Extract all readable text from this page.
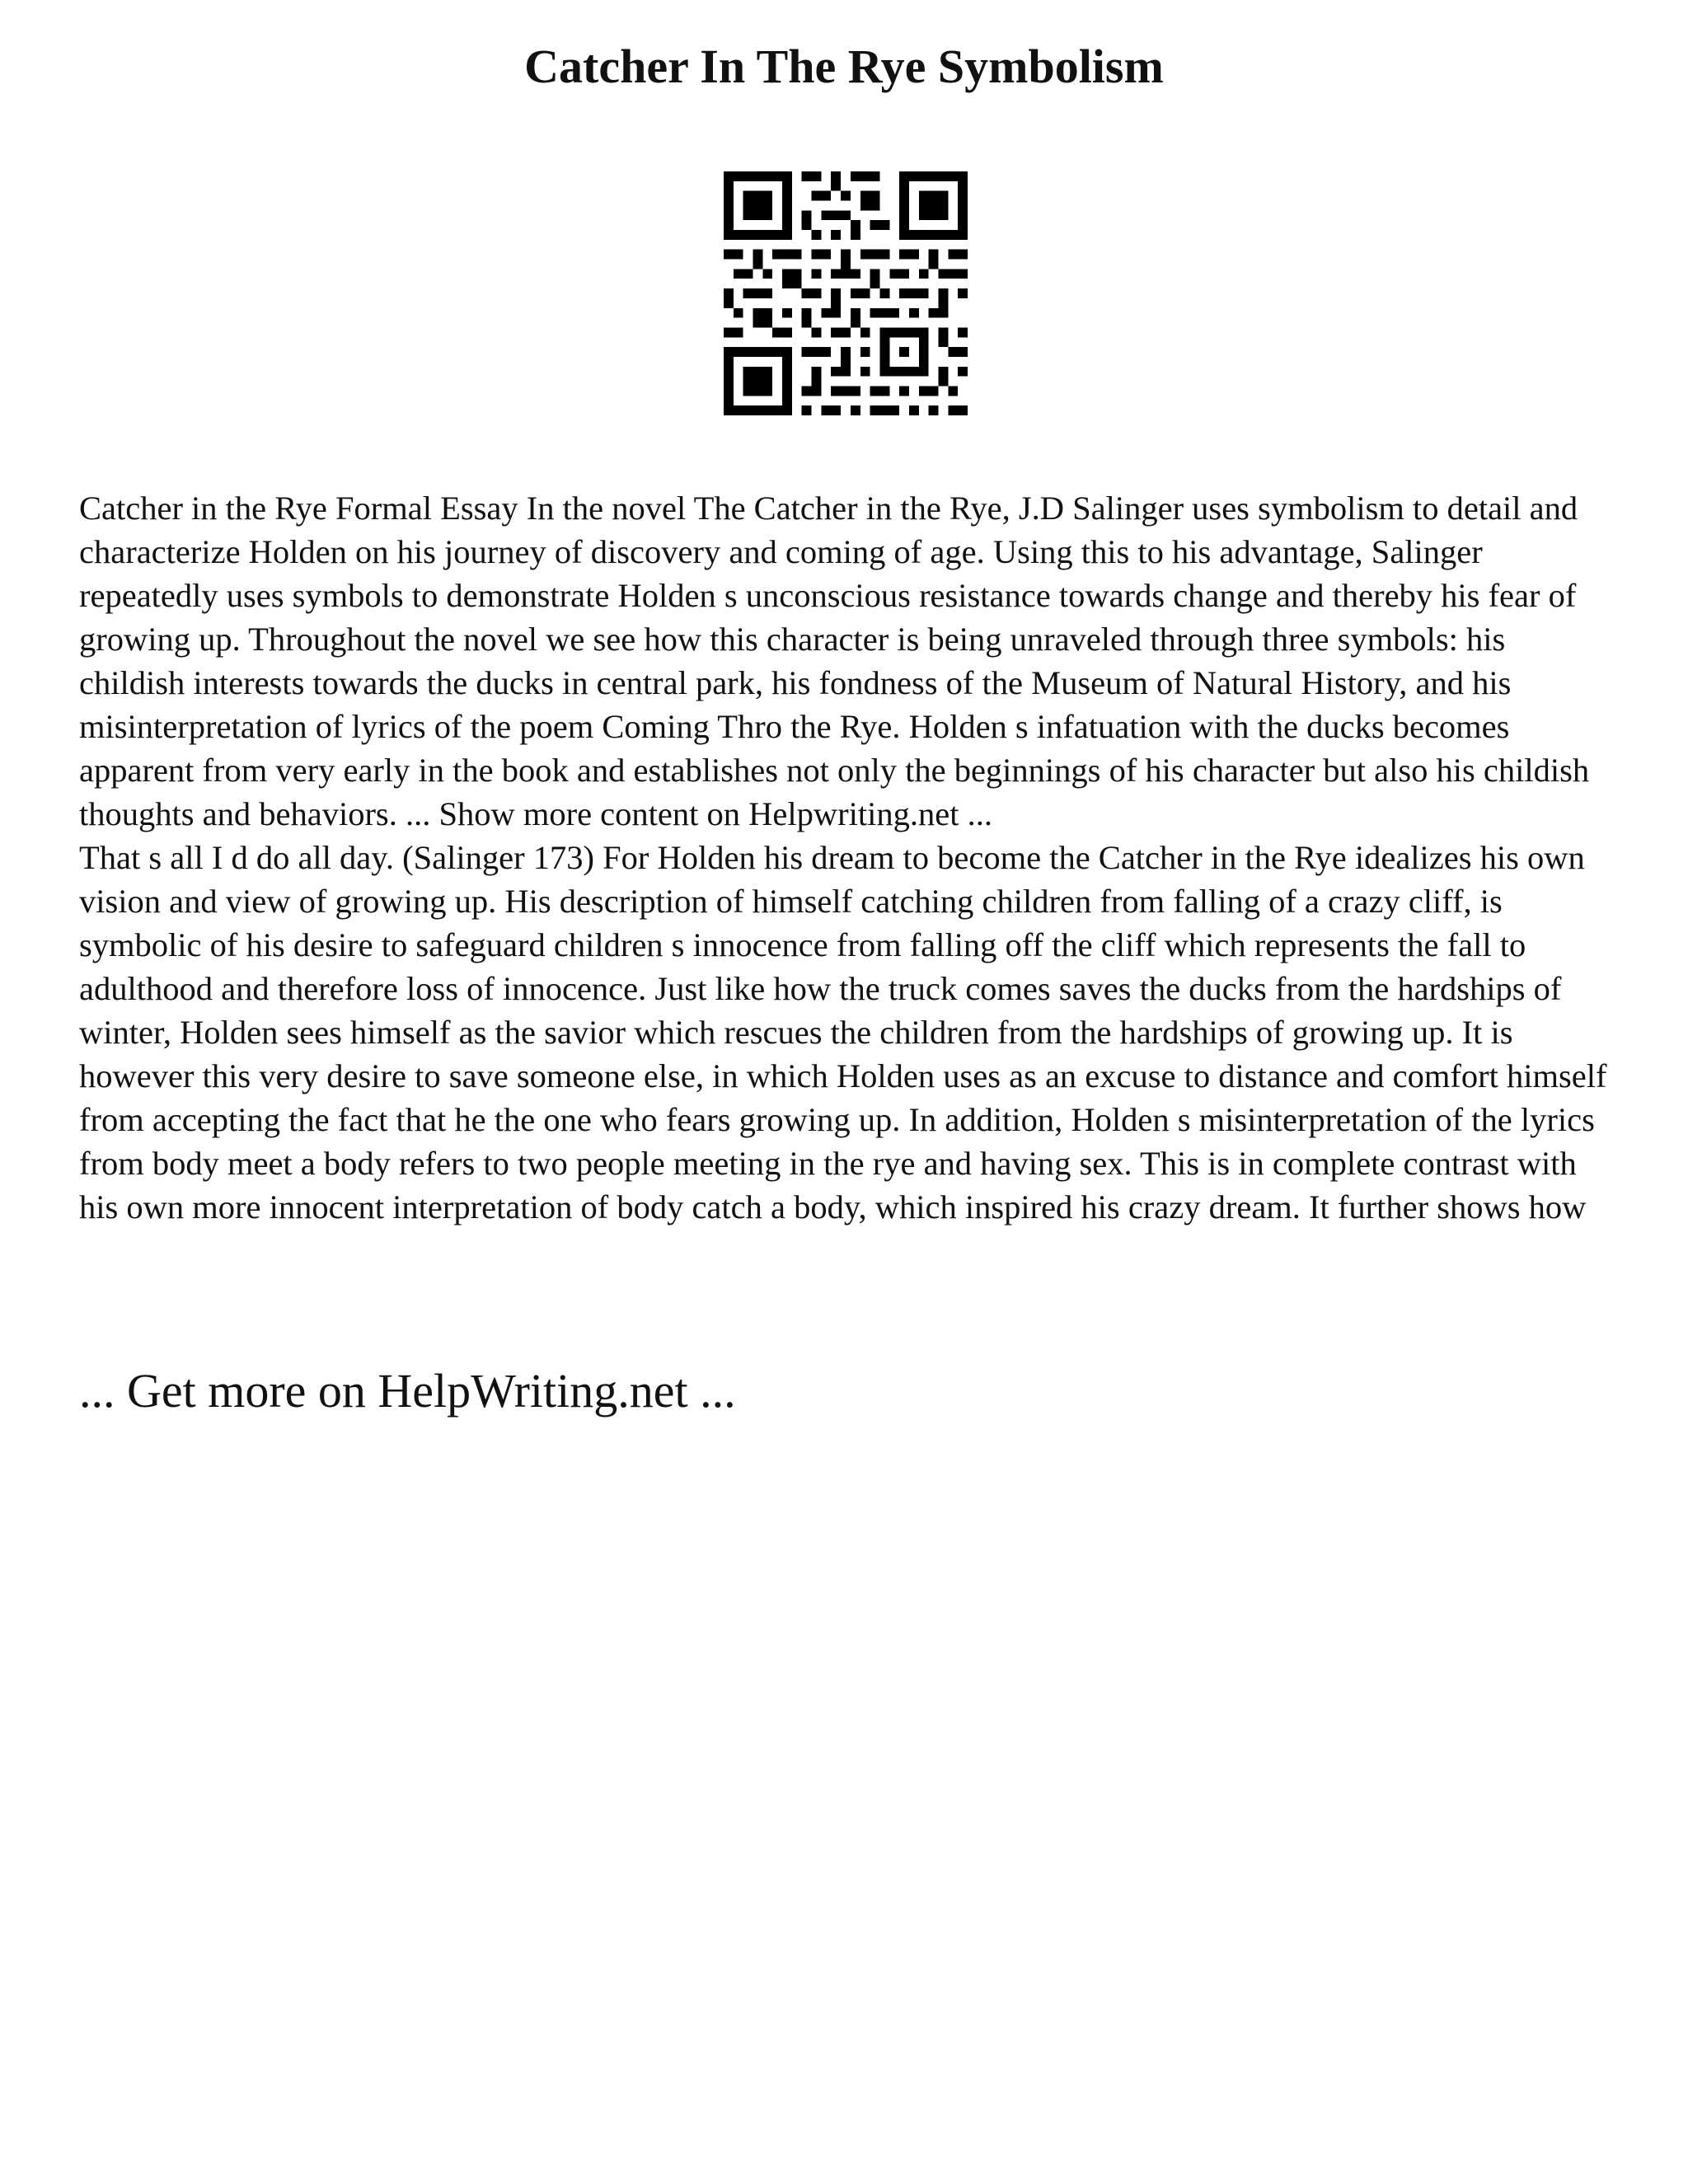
Catcher In The Rye Symbolism

Catcher in the Rye Formal Essay In the novel The Catcher in the Rye, J.D Salinger uses symbolism to detail and characterize Holden on his journey of discovery and coming of age. Using this to his advantage, Salinger repeatedly uses symbols to demonstrate Holden s unconscious resistance towards change and thereby his fear of growing up. Throughout the novel we see how this character is being unraveled through three symbols: his childish interests towards the ducks in central park, his fondness of the Museum of Natural History, and his misinterpretation of lyrics of the poem Coming Thro the Rye. Holden s infatuation with the ducks becomes apparent from very early in the book and establishes not only the beginnings of his character but also his childish thoughts and behaviors. ... Show more content on Helpwriting.net ...

That s all I d do all day. (Salinger 173) For Holden his dream to become the Catcher in the Rye idealizes his own vision and view of growing up. His description of himself catching children from falling of a crazy cliff, is symbolic of his desire to safeguard children s innocence from falling off the cliff which represents the fall to adulthood and therefore loss of innocence. Just like how the truck comes saves the ducks from the hardships of winter, Holden sees himself as the savior which rescues the children from the hardships of growing up. It is however this very desire to save someone else, in which Holden uses as an excuse to distance and comfort himself from accepting the fact that he the one who fears growing up. In addition, Holden s misinterpretation of the lyrics from body meet a body refers to two people meeting in the rye and having sex. This is in complete contrast with his own more innocent interpretation of body catch a body, which inspired his crazy dream. It further shows how

... Get more on HelpWriting.net ...
